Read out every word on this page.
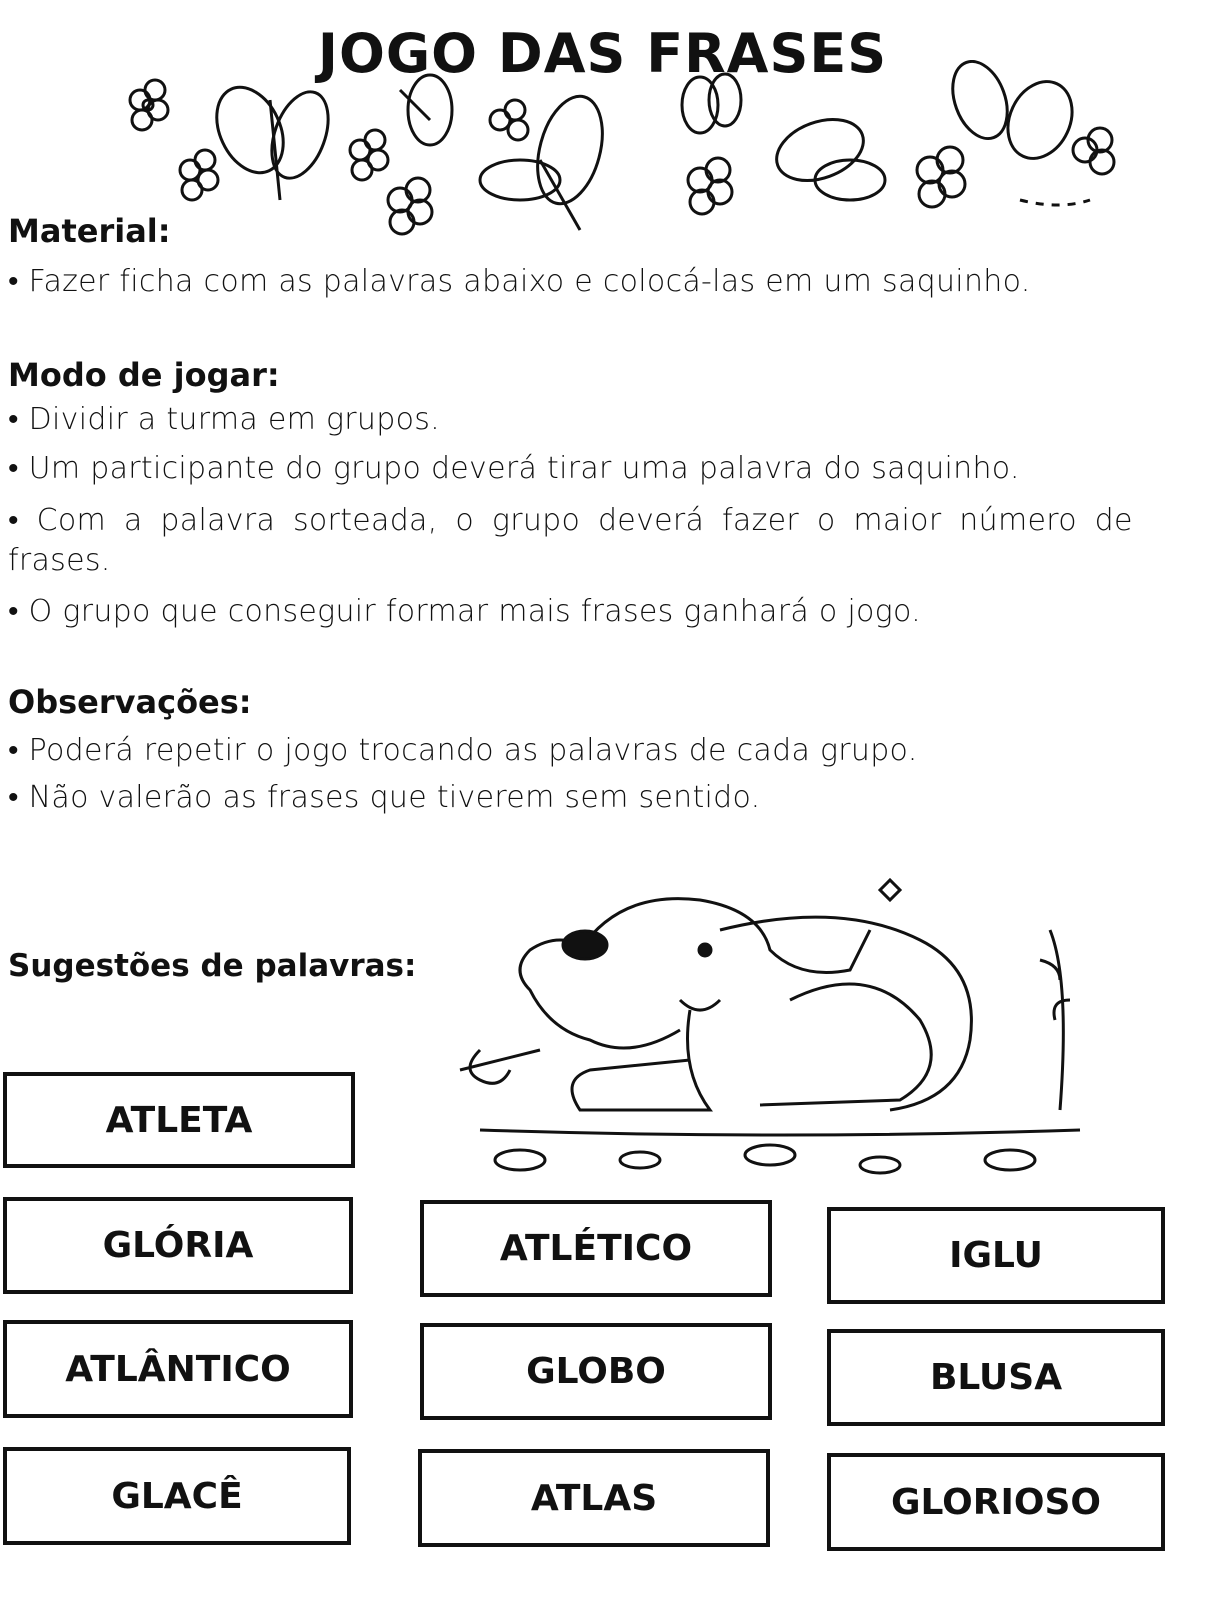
JOGO DAS FRASES
Material:
• Fazer ficha com as palavras abaixo e colocá-las em um saquinho.
Modo de jogar:
• Dividir a turma em grupos.
• Um participante do grupo deverá tirar uma palavra do saquinho.
• Com a palavra sorteada, o grupo deverá fazer o maior número de
frases.
• O grupo que conseguir formar mais frases ganhará o jogo.
Observações:
• Poderá repetir o jogo trocando as palavras de cada grupo.
• Não valerão as frases que tiverem sem sentido.
Sugestões de palavras:
ATLETA
GLÓRIA
ATLÂNTICO
GLACÊ
ATLÉTICO
GLOBO
ATLAS
IGLU
BLUSA
GLORIOSO
